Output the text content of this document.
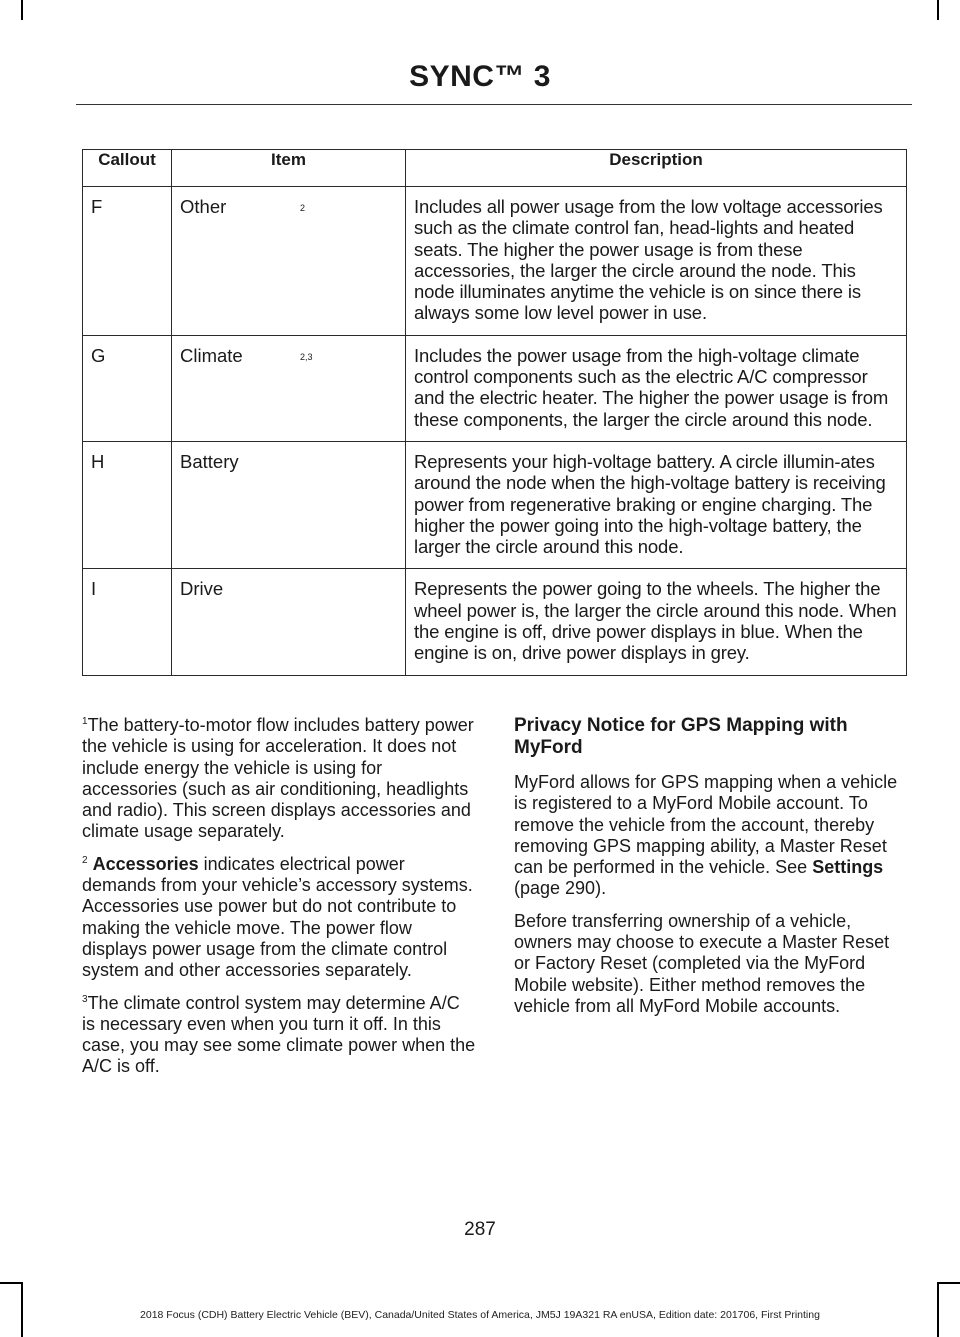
SYNC™ 3
Callout	Item	Description
F	Other 2	Includes all power usage from the low voltage accessories such as the climate control fan, head-lights and heated seats. The higher the power usage is from these accessories, the larger the circle around the node. This node illuminates anytime the vehicle is on since there is always some low level power in use.
G	Climate 2,3	Includes the power usage from the high-voltage climate control components such as the electric A/C compressor and the electric heater. The higher the power usage is from these components, the larger the circle around this node.
H	Battery	Represents your high-voltage battery. A circle illumin-ates around the node when the high-voltage battery is receiving power from regenerative braking or engine charging. The higher the power going into the high-voltage battery, the larger the circle around this node.
I	Drive	Represents the power going to the wheels. The higher the wheel power is, the larger the circle around this node. When the engine is off, drive power displays in blue. When the engine is on, drive power displays in grey.

$^1$The battery-to-motor flow includes battery power the vehicle is using for acceleration. It does not include energy the vehicle is using for accessories (such as air conditioning, headlights and radio). This screen displays accessories and climate usage separately.

$^2$ Accessories indicates electrical power demands from your vehicle’s accessory systems. Accessories use power but do not contribute to making the vehicle move. The power flow displays power usage from the climate control system and other accessories separately.

$^3$The climate control system may determine A/C is necessary even when you turn it off. In this case, you may see some climate power when the A/C is off.

Privacy Notice for GPS Mapping with MyFord

MyFord allows for GPS mapping when a vehicle is registered to a MyFord Mobile account. To remove the vehicle from the account, thereby removing GPS mapping ability, a Master Reset can be performed in the vehicle. See Settings (page 290).

Before transferring ownership of a vehicle, owners may choose to execute a Master Reset or Factory Reset (completed via the MyFord Mobile website). Either method removes the vehicle from all MyFord Mobile accounts.

287
2018 Focus (CDH) Battery Electric Vehicle (BEV), Canada/United States of America, JM5J 19A321 RA enUSA, Edition date: 201706, First Printing
